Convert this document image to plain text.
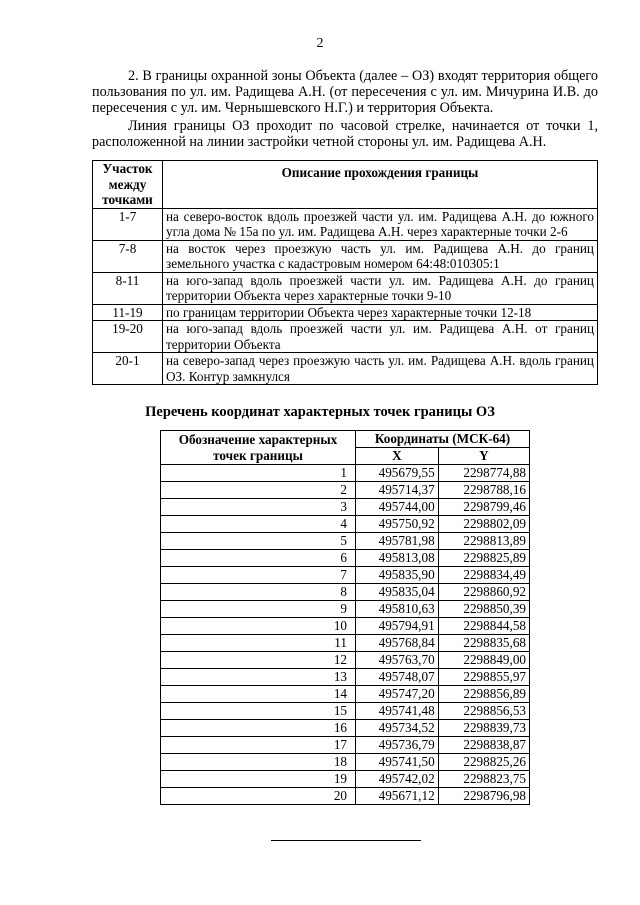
2

2. В границы охранной зоны Объекта (далее – ОЗ) входят территория общего пользования по ул. им. Радищева А.Н. (от пересечения с ул. им. Мичурина И.В. до пересечения с ул. им. Чернышевского Н.Г.) и территория Объекта.

Линия границы ОЗ проходит по часовой стрелке, начинается от точки 1, расположенной на линии застройки четной стороны ул. им. Радищева А.Н.

Участок между точками	Описание прохождения границы
1-7	на северо-восток вдоль проезжей части ул. им. Радищева А.Н. до южного угла дома № 15а по ул. им. Радищева А.Н. через характерные точки 2-6
7-8	на восток через проезжую часть ул. им. Радищева А.Н. до границ земельного участка с кадастровым номером 64:48:010305:1
8-11	на юго-запад вдоль проезжей части ул. им. Радищева А.Н. до границ территории Объекта через характерные точки 9-10
11-19	по границам территории Объекта через характерные точки 12-18
19-20	на юго-запад вдоль проезжей части ул. им. Радищева А.Н. от границ территории Объекта
20-1	на северо-запад через проезжую часть ул. им. Радищева А.Н. вдоль границ ОЗ. Контур замкнулся
Перечень координат характерных точек границы ОЗ
Обозначение характерных точек границы	Координаты (МСК-64)	
	X	Y
1	495679,55	2298774,88
2	495714,37	2298788,16
3	495744,00	2298799,46
4	495750,92	2298802,09
5	495781,98	2298813,89
6	495813,08	2298825,89
7	495835,90	2298834,49
8	495835,04	2298860,92
9	495810,63	2298850,39
10	495794,91	2298844,58
11	495768,84	2298835,68
12	495763,70	2298849,00
13	495748,07	2298855,97
14	495747,20	2298856,89
15	495741,48	2298856,53
16	495734,52	2298839,73
17	495736,79	2298838,87
18	495741,50	2298825,26
19	495742,02	2298823,75
20	495671,12	2298796,98
